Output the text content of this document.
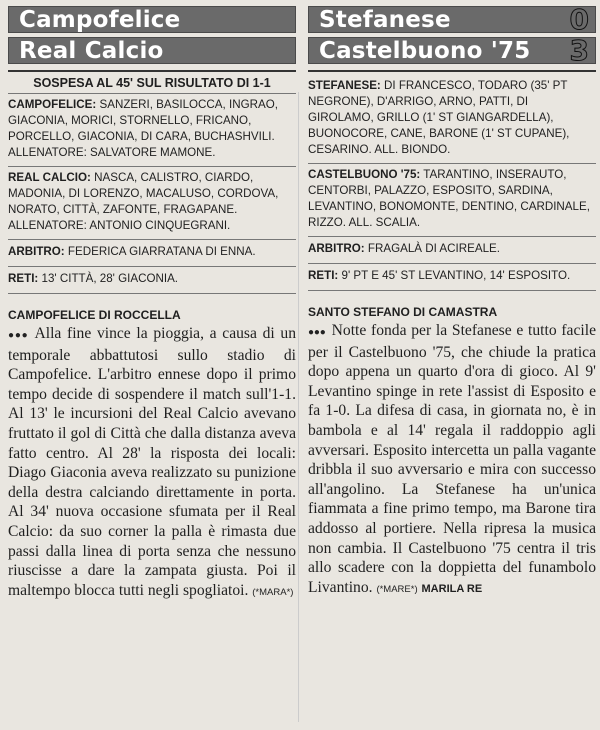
Campofelice
Real Calcio
SOSPESA AL 45' SUL RISULTATO DI 1-1
CAMPOFELICE: SANZERI, BASILOCCA, INGRAO, GIACONIA, MORICI, STORNELLO, FRICANO, PORCELLO, GIACONIA, DI CARA, BUCHASHVILI. ALLENATORE: SALVATORE MAMONE.
REAL CALCIO: NASCA, CALISTRO, CIARDO, MADONIA, DI LORENZO, MACALUSO, CORDOVA, NORATO, CITTÀ, ZAFONTE, FRAGAPANE. ALLENATORE: ANTONIO CINQUEGRANI.
ARBITRO: FEDERICA GIARRATANA DI ENNA.
RETI: 13' CITTÀ, 28' GIACONIA.
CAMPOFELICE DI ROCCELLA

●●● Alla fine vince la pioggia, a causa di un temporale abbattutosi sullo stadio di Campofelice. L'arbitro ennese dopo il primo tempo decide di sospendere il match sull'1-1. Al 13' le incursioni del Real Calcio avevano fruttato il gol di Città che dalla distanza aveva fatto centro. Al 28' la risposta dei locali: Diago Giaconia aveva realizzato su punizione della destra calciando direttamente in porta. Al 34' nuova occasione sfumata per il Real Calcio: da suo corner la palla è rimasta due passi dalla linea di porta senza che nessuno riuscisse a dare la zampata giusta. Poi il maltempo blocca tutti negli spogliatoi. (*MARA*)

Stefanese	0
Castelbuono '75 3
STEFANESE: DI FRANCESCO, TODARO (35' PT NEGRONE), D'ARRIGO, ARNO, PATTI, DI GIROLAMO, GRILLO (1' ST GIANGARDELLA), BUONOCORE, CANE, BARONE (1' ST CUPANE), CESARINO. ALL. BIONDO.
CASTELBUONO '75: TARANTINO, INSERAUTO, CENTORBI, PALAZZO, ESPOSITO, SARDINA, LEVANTINO, BONOMONTE, DENTINO, CARDINALE, RIZZO. ALL. SCALIA.
ARBITRO: FRAGALÀ DI ACIREALE.
RETI: 9' PT E 45' ST LEVANTINO, 14' ESPOSITO.
SANTO STEFANO DI CAMASTRA

●●● Notte fonda per la Stefanese e tutto facile per il Castelbuono '75, che chiude la pratica dopo appena un quarto d'ora di gioco. Al 9' Levantino spinge in rete l'assist di Esposito e fa 1-0. La difesa di casa, in giornata no, è in bambola e al 14' regala il raddoppio agli avversari. Esposito intercetta un palla vagante dribbla il suo avversario e mira con successo all'angolino. La Stefanese ha un'unica fiammata a fine primo tempo, ma Barone tira addosso al portiere. Nella ripresa la musica non cambia. Il Castelbuono '75 centra il tris allo scadere con la doppietta del funambolo Livantino. (*MARE*) MARILA RE
